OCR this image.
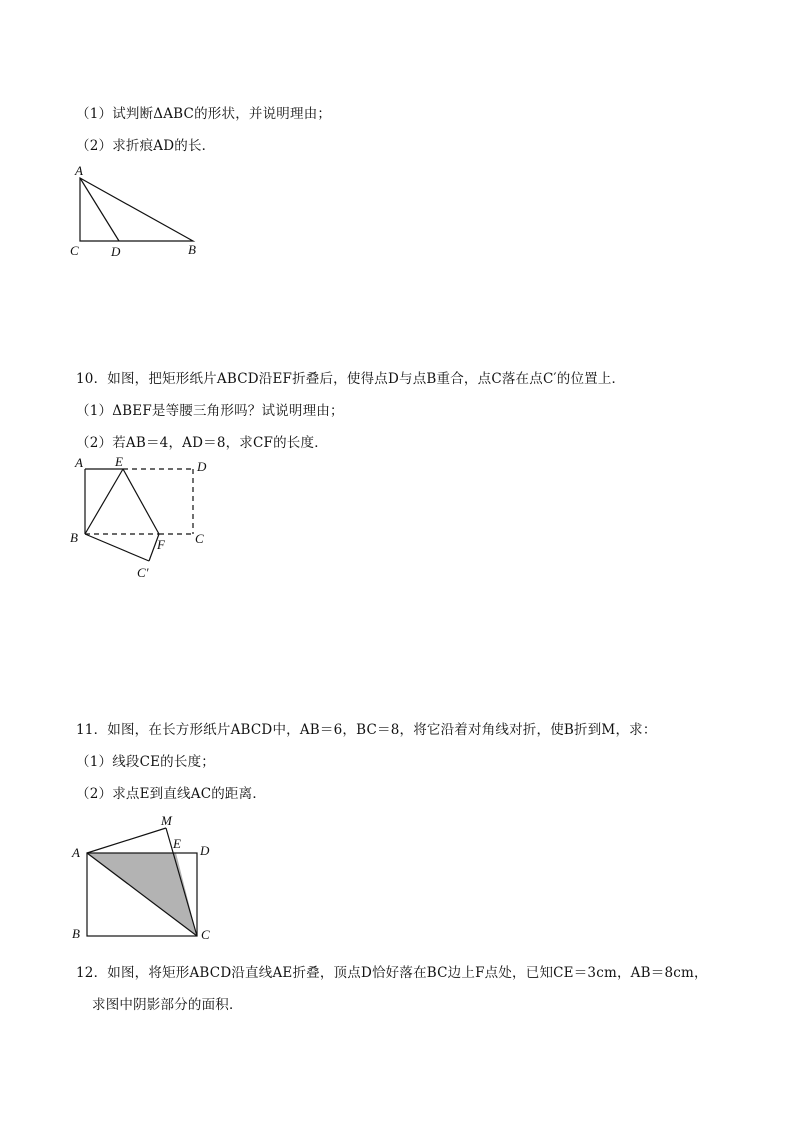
（1）试判断ΔABC的形状，并说明理由；
（2）求折痕AD的长．
A
C D	B
10．如图，把矩形纸片ABCD沿EF折叠后，使得点D与点B重合，点C落在点C′的位置上．
（1）ΔBEF是等腰三角形吗？试说明理由；
（2）若AB＝4，AD＝8，求CF的长度．
A E	D
B	F C
C′
11．如图，在长方形纸片ABCD中，AB＝6，BC＝8，将它沿着对角线对折，使B折到M，求：
（1）线段CE的长度；
（2）求点E到直线AC的距离．
M
A
E D
B	C
12．如图，将矩形ABCD沿直线AE折叠，顶点D恰好落在BC边上F点处，已知CE＝3cm，AB＝8cm，
求图中阴影部分的面积．
